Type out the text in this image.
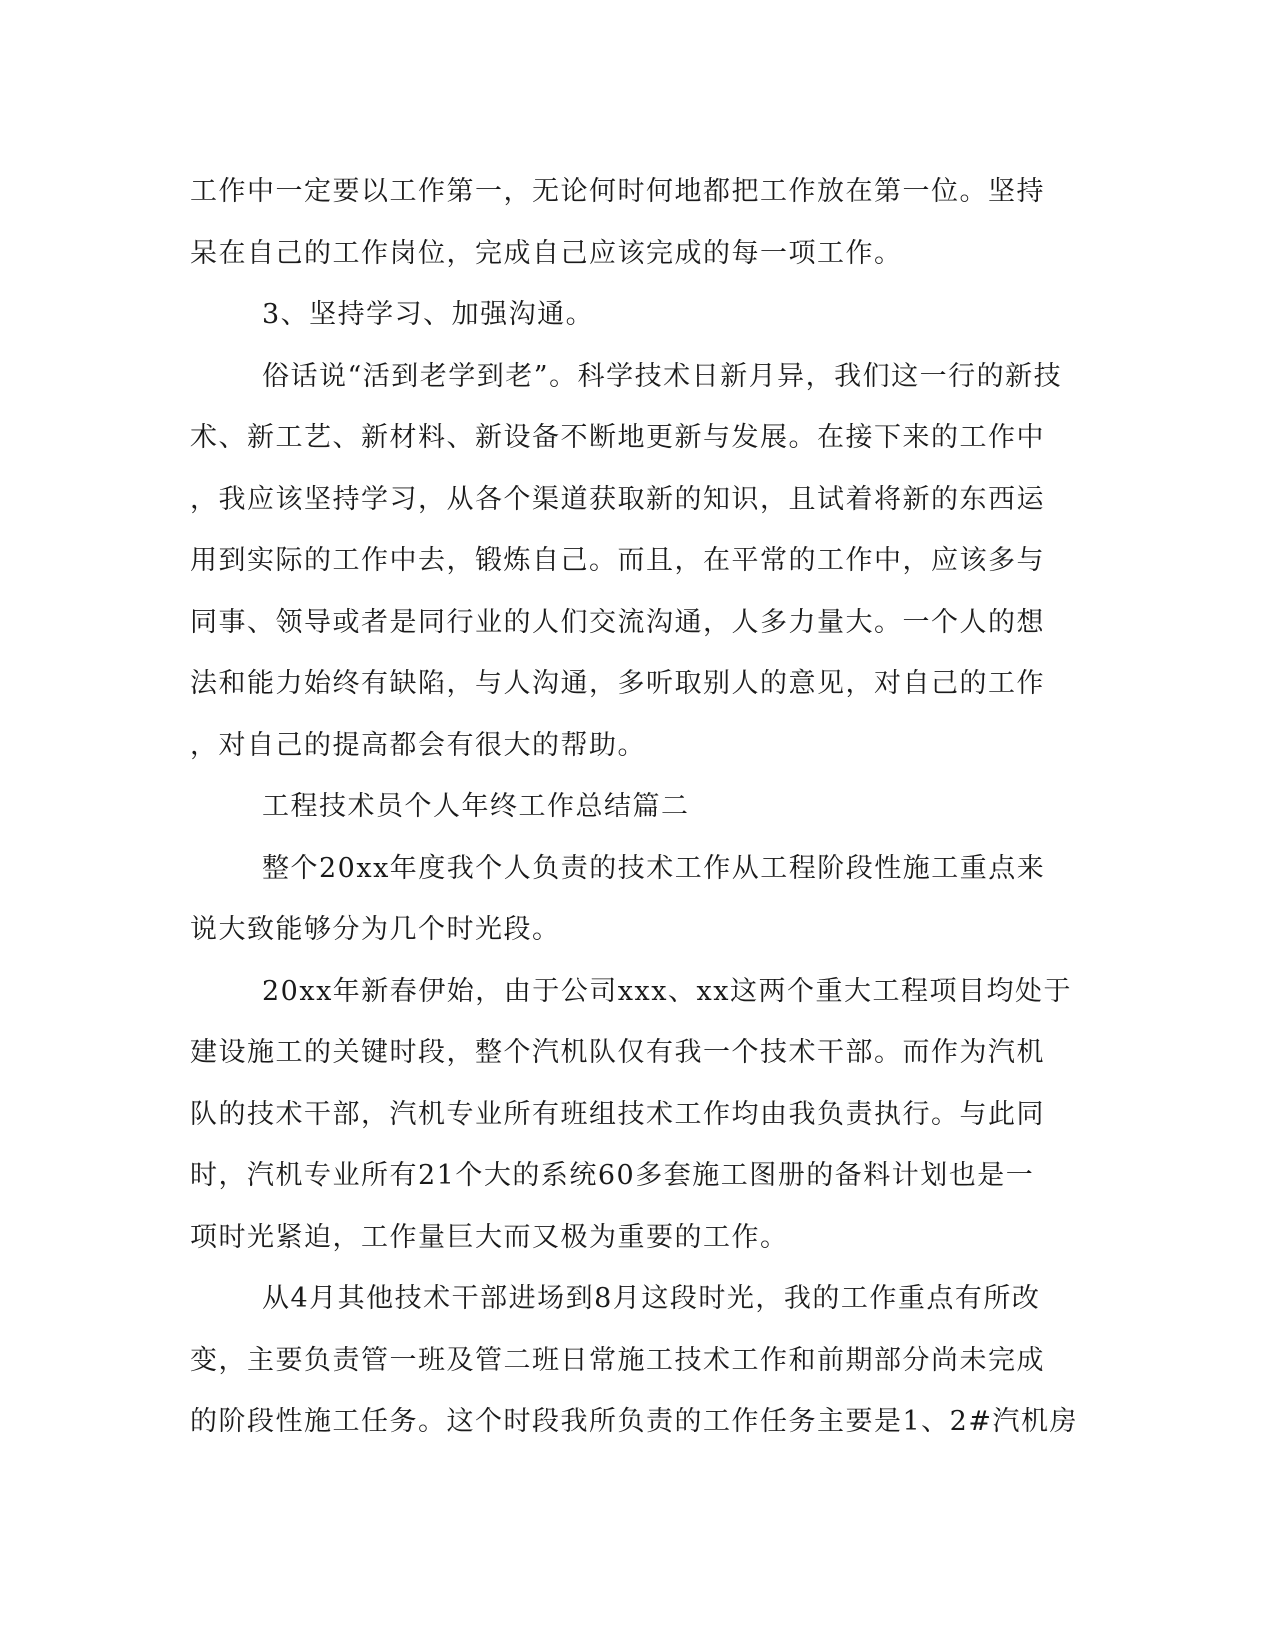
工作中一定要以工作第一，无论何时何地都把工作放在第一位。坚持
呆在自己的工作岗位，完成自己应该完成的每一项工作。
3、坚持学习、加强沟通。
俗话说“活到老学到老”。科学技术日新月异，我们这一行的新技
术、新工艺、新材料、新设备不断地更新与发展。在接下来的工作中
，我应该坚持学习，从各个渠道获取新的知识，且试着将新的东西运
用到实际的工作中去，锻炼自己。而且，在平常的工作中，应该多与
同事、领导或者是同行业的人们交流沟通，人多力量大。一个人的想
法和能力始终有缺陷，与人沟通，多听取别人的意见，对自己的工作
，对自己的提高都会有很大的帮助。
工程技术员个人年终工作总结篇二
整个20xx年度我个人负责的技术工作从工程阶段性施工重点来
说大致能够分为几个时光段。
20xx年新春伊始，由于公司xxx、xx这两个重大工程项目均处于
建设施工的关键时段，整个汽机队仅有我一个技术干部。而作为汽机
队的技术干部，汽机专业所有班组技术工作均由我负责执行。与此同
时，汽机专业所有21个大的系统60多套施工图册的备料计划也是一
项时光紧迫，工作量巨大而又极为重要的工作。
从4月其他技术干部进场到8月这段时光，我的工作重点有所改
变，主要负责管一班及管二班日常施工技术工作和前期部分尚未完成
的阶段性施工任务。这个时段我所负责的工作任务主要是1、2#汽机房
